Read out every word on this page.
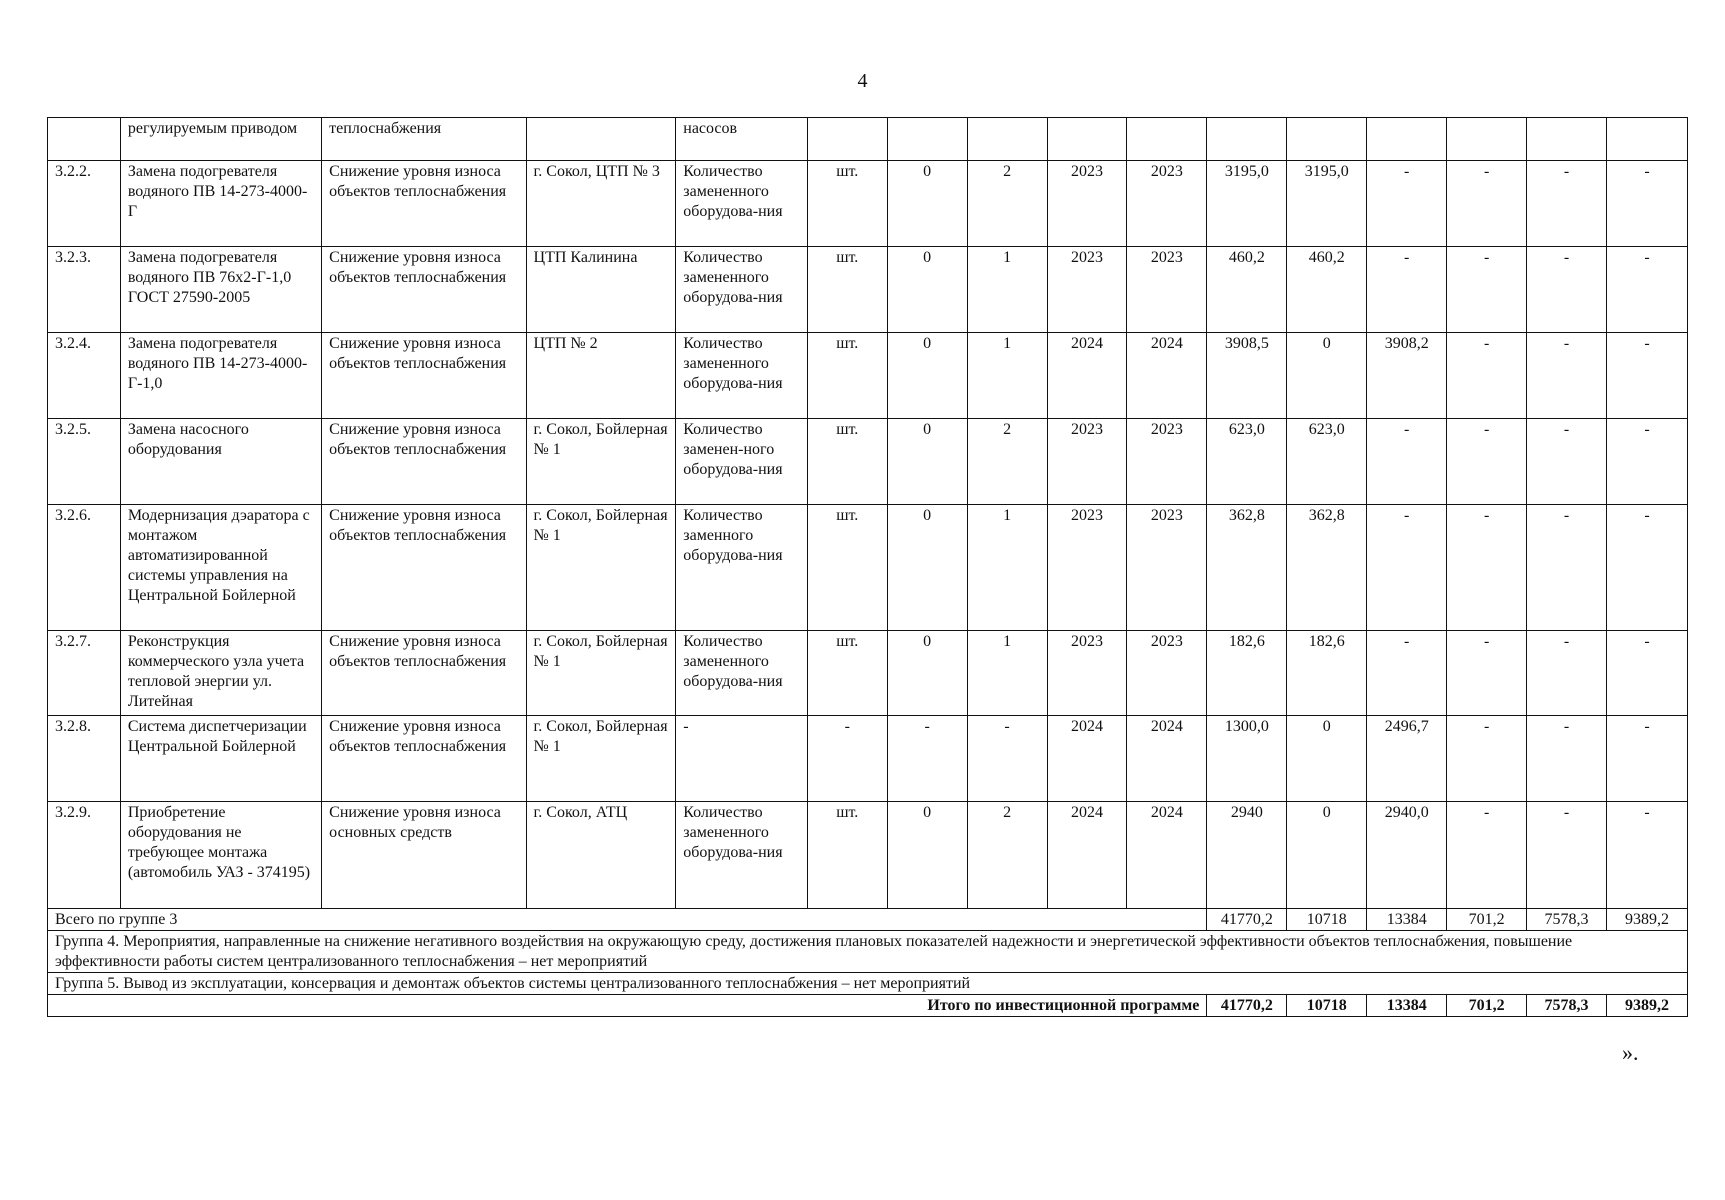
4
	регулируемым приводом	теплоснабжения		насосов											
3.2.2.	Замена подогревателя водяного ПВ 14-273-4000-Г	Снижение уровня износа объектов теплоснабжения	г. Сокол, ЦТП № 3	Количество замененного оборудова-ния	шт.	0	2	2023	2023	3195,0	3195,0	-	-	-	-
3.2.3.	Замена подогревателя водяного ПВ 76х2-Г-1,0 ГОСТ 27590-2005	Снижение уровня износа объектов теплоснабжения	ЦТП Калинина	Количество замененного оборудова-ния	шт.	0	1	2023	2023	460,2	460,2	-	-	-	-
3.2.4.	Замена подогревателя водяного ПВ 14-273-4000-Г-1,0	Снижение уровня износа объектов теплоснабжения	ЦТП № 2	Количество замененного оборудова-ния	шт.	0	1	2024	2024	3908,5	0	3908,2	-	-	-
3.2.5.	Замена насосного оборудования	Снижение уровня износа объектов теплоснабжения	г. Сокол, Бойлерная № 1	Количество заменен-ного оборудова-ния	шт.	0	2	2023	2023	623,0	623,0	-	-	-	-
3.2.6.	Модернизация дэаратора с монтажом автоматизированной системы управления на Центральной Бойлерной	Снижение уровня износа объектов теплоснабжения	г. Сокол, Бойлерная № 1	Количество заменного оборудова-ния	шт.	0	1	2023	2023	362,8	362,8	-	-	-	-
3.2.7.	Реконструкция коммерческого узла учета тепловой энергии ул. Литейная	Снижение уровня износа объектов теплоснабжения	г. Сокол, Бойлерная № 1	Количество замененного оборудова-ния	шт.	0	1	2023	2023	182,6	182,6	-	-	-	-
3.2.8.	Система диспетчеризации Центральной Бойлерной	Снижение уровня износа объектов теплоснабжения	г. Сокол, Бойлерная № 1	-	-	-	-	2024	2024	1300,0	0	2496,7	-	-	-
3.2.9.	Приобретение оборудования не требующее монтажа (автомобиль УАЗ - 374195)	Снижение уровня износа основных средств	г. Сокол, АТЦ	Количество замененного оборудова-ния	шт.	0	2	2024	2024	2940	0	2940,0	-	-	-
Всего по группе 3										41770,2	10718	13384	701,2	7578,3	9389,2
Группа 4. Мероприятия, направленные на снижение негативного воздействия на окружающую среду, достижения плановых показателей надежности и энергетической эффективности объектов теплоснабжения, повышение эффективности работы систем централизованного теплоснабжения – нет мероприятий															
Группа 5. Вывод из эксплуатации, консервация и демонтаж объектов системы централизованного теплоснабжения – нет мероприятий															
Итого по инвестиционной программе										41770,2	10718	13384	701,2	7578,3	9389,2
».
